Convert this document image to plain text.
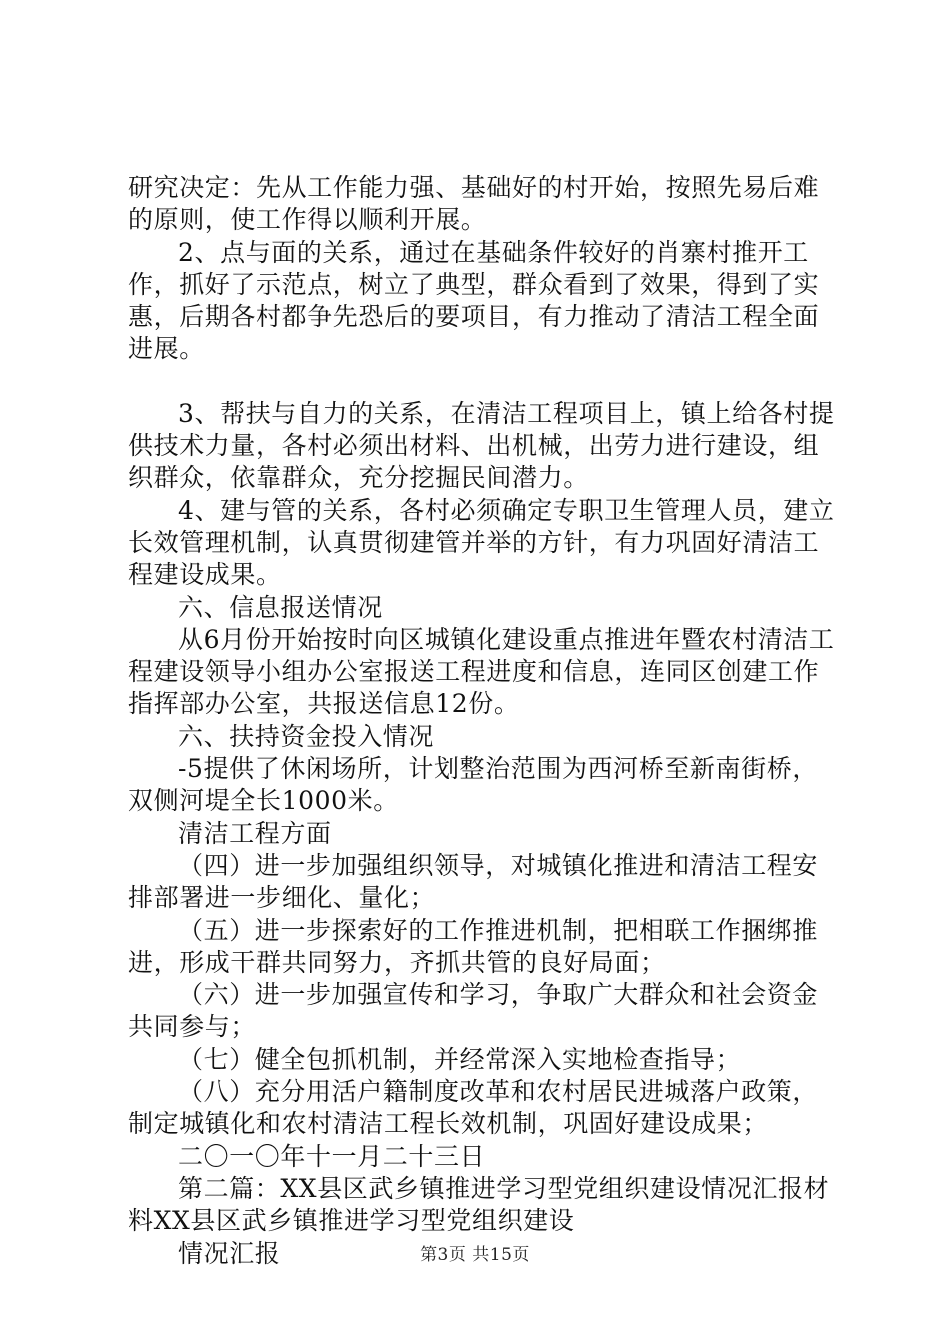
研究决定：先从工作能力强、基础好的村开始，按照先易后难的原则，使工作得以顺利开展。

2、点与面的关系，通过在基础条件较好的肖寨村推开工作，抓好了示范点，树立了典型，群众看到了效果，得到了实惠，后期各村都争先恐后的要项目，有力推动了清洁工程全面进展。

3、帮扶与自力的关系，在清洁工程项目上，镇上给各村提供技术力量，各村必须出材料、出机械，出劳力进行建设，组织群众，依靠群众，充分挖掘民间潜力。

4、建与管的关系，各村必须确定专职卫生管理人员，建立长效管理机制，认真贯彻建管并举的方针，有力巩固好清洁工程建设成果。

六、信息报送情况

从6月份开始按时向区城镇化建设重点推进年暨农村清洁工程建设领导小组办公室报送工程进度和信息，连同区创建工作指挥部办公室，共报送信息12份。

六、扶持资金投入情况

-5提供了休闲场所，计划整治范围为西河桥至新南街桥，双侧河堤全长1000米。

清洁工程方面

（四）进一步加强组织领导，对城镇化推进和清洁工程安排部署进一步细化、量化；

（五）进一步探索好的工作推进机制，把相联工作捆绑推进，形成干群共同努力，齐抓共管的良好局面；

（六）进一步加强宣传和学习，争取广大群众和社会资金共同参与；

（七）健全包抓机制，并经常深入实地检查指导；

（八）充分用活户籍制度改革和农村居民进城落户政策，制定城镇化和农村清洁工程长效机制，巩固好建设成果；

二〇一〇年十一月二十三日

第二篇：XX县区武乡镇推进学习型党组织建设情况汇报材料XX县区武乡镇推进学习型党组织建设

情况汇报	第3页 共15页
